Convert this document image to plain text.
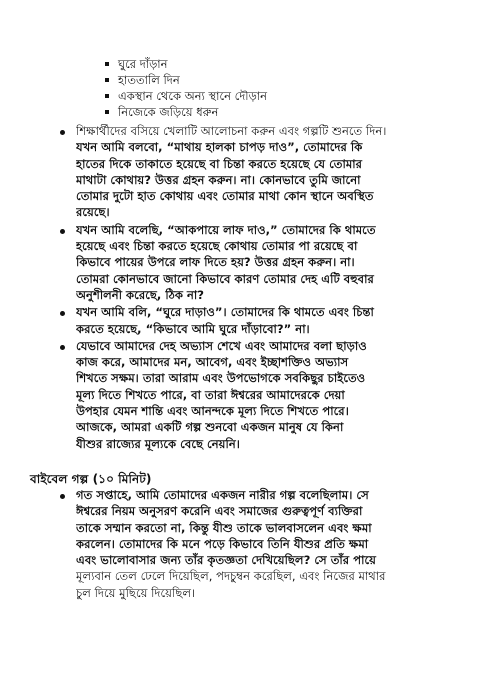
ঘুরে দাঁড়ান
হাততালি দিন
একস্থান থেকে অন্য স্থানে দৌড়ান
নিজেকে জড়িয়ে ধরুন
শিক্ষার্থীদের বসিয়ে খেলাটি আলোচনা করুন এবং গল্পটি শুনতে দিন।
যখন আমি বলবো, “মাথায় হালকা চাপড় দাও”, তোমাদের কি
হাতের দিকে তাকাতে হয়েছে বা চিন্তা করতে হয়েছে যে তোমার
মাথাটা কোথায়? উত্তর গ্রহন করুন। না। কোনভাবে তুমি জানো
তোমার দুটো হাত কোথায় এবং তোমার মাথা কোন স্থানে অবস্থিত
রয়েছে।
যখন আমি বলেছি, “আকপায়ে লাফ দাও,” তোমাদের কি থামতে
হয়েছে এবং চিন্তা করতে হয়েছে কোথায় তোমার পা রয়েছে বা
কিভাবে পায়ের উপরে লাফ দিতে হয়? উত্তর গ্রহন করুন। না।
তোমরা কোনভাবে জানো কিভাবে কারণ তোমার দেহ এটি বহুবার
অনুশীলনী করেছে, ঠিক না?
যখন আমি বলি, “ঘুরে দাড়াও”। তোমাদের কি থামতে এবং চিন্তা
করতে হয়েছে, “কিভাবে আমি ঘুরে দাঁড়াবো?” না।
যেভাবে আমাদের দেহ অভ্যাস শেখে এবং আমাদের বলা ছাড়াও
কাজ করে, আমাদের মন, আবেগ, এবং ইচ্ছাশক্তিও অভ্যাস
শিখতে সক্ষম। তারা আরাম এবং উপভোগকে সবকিছুর চাইতেও
মূল্য দিতে শিখতে পারে, বা তারা ঈশ্বরের আমাদেরকে দেয়া
উপহার যেমন শান্তি এবং আনন্দকে মূল্য দিতে শিখতে পারে।
আজকে, আমরা একটি গল্প শুনবো একজন মানুষ যে কিনা
যীশুর রাজ্যের মূল্যকে বেছে নেয়নি।
বাইবেল গল্প (১০ মিনিট)
গত সপ্তাহে, আমি তোমাদের একজন নারীর গল্প বলেছিলাম। সে
ঈশ্বরের নিয়ম অনুসরণ করেনি এবং সমাজের গুরুত্বপূর্ণ ব্যক্তিরা
তাকে সম্মান করতো না, কিন্তু যীশু তাকে ভালবাসলেন এবং ক্ষমা
করলেন। তোমাদের কি মনে পড়ে কিভাবে তিনি যীশুর প্রতি ক্ষমা
এবং ভালোবাসার জন্য তাঁর কৃতজ্ঞতা দেখিয়েছিল? সে তাঁর পায়ে
মূল্যবান তেল ঢেলে দিয়েছিল, পদচুম্বন করেছিল, এবং নিজের মাথার
চুল দিয়ে মুছিয়ে দিয়েছিল।
